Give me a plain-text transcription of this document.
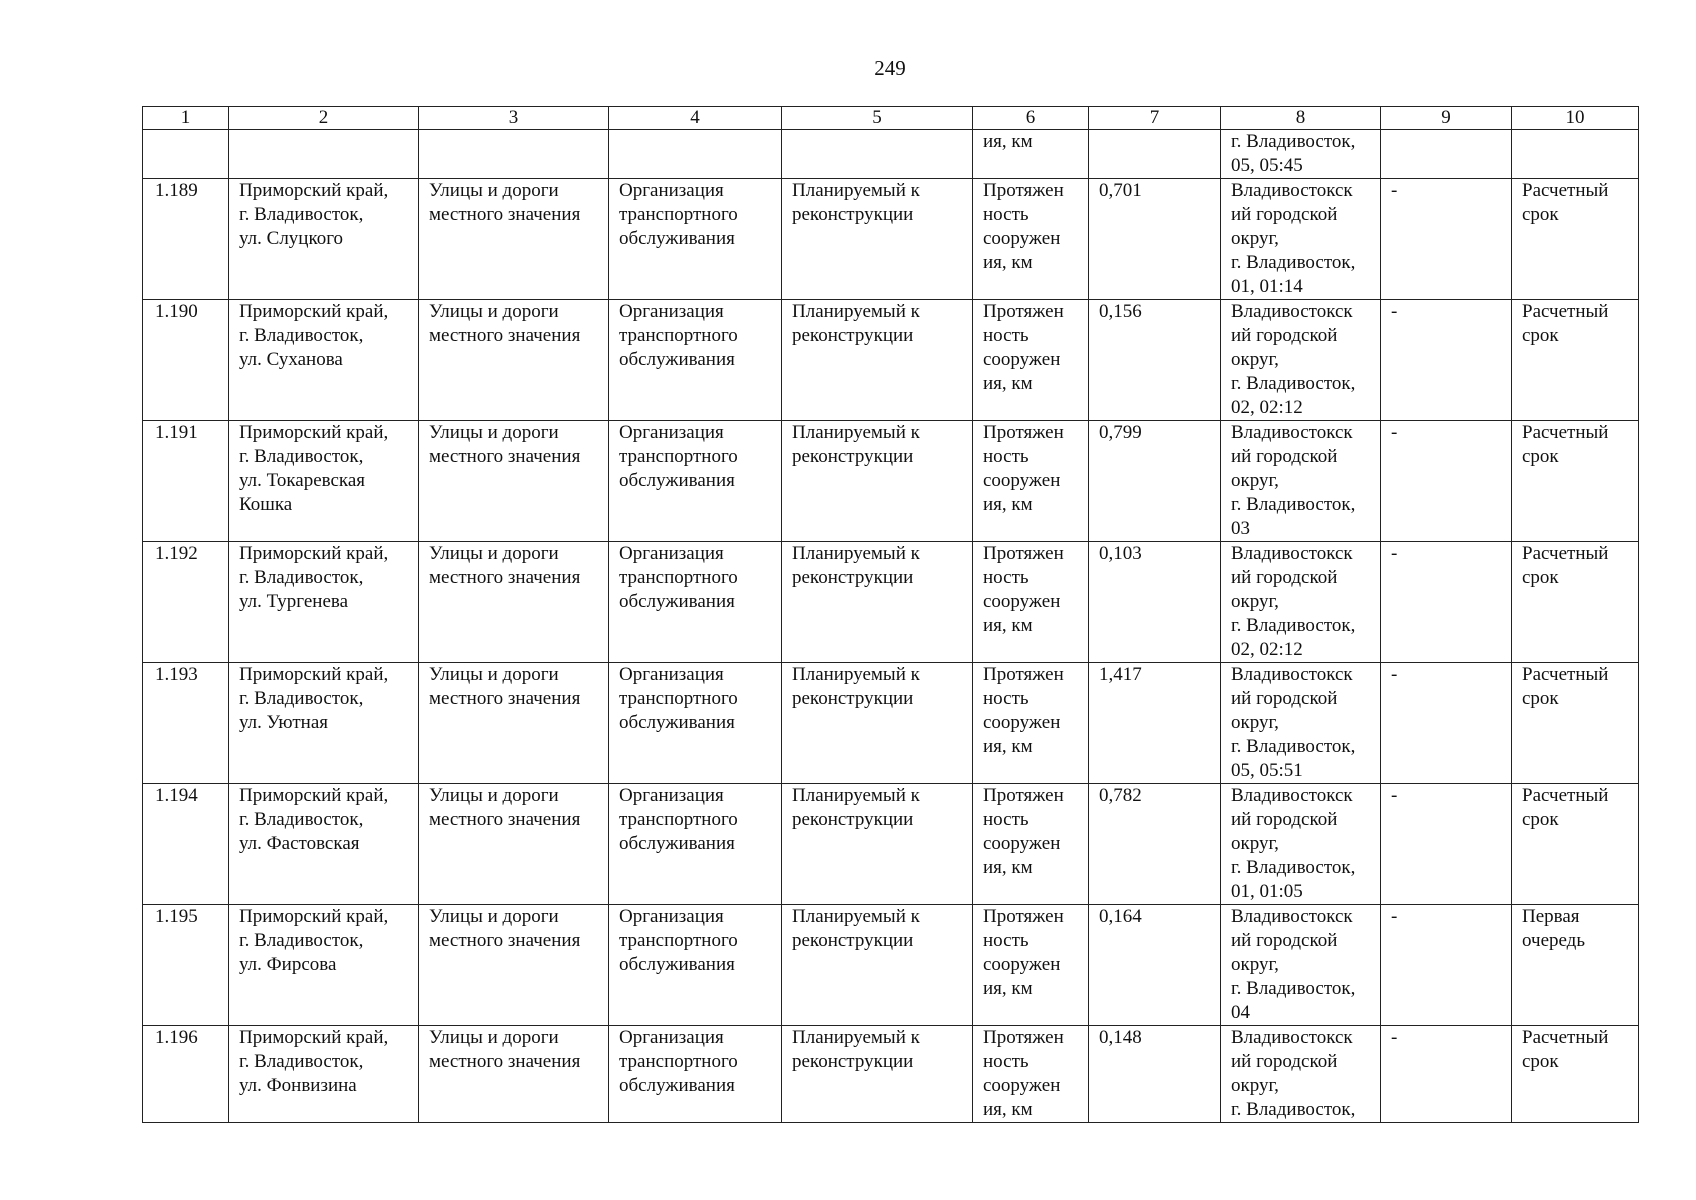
249
1	2	3	4	5	6	7	8	9	10
					ия, км		г. Владивосток,
05, 05:45		
1.189	Приморский край,
г. Владивосток,
ул. Слуцкого	Улицы и дороги
местного значения	Организация
транспортного
обслуживания	Планируемый к
реконструкции	Протяжен
ность
сооружен
ия, км	0,701	Владивостокск
ий городской
округ,
г. Владивосток,
01, 01:14	-	Расчетный
срок
1.190	Приморский край,
г. Владивосток,
ул. Суханова	Улицы и дороги
местного значения	Организация
транспортного
обслуживания	Планируемый к
реконструкции	Протяжен
ность
сооружен
ия, км	0,156	Владивостокск
ий городской
округ,
г. Владивосток,
02, 02:12	-	Расчетный
срок
1.191	Приморский край,
г. Владивосток,
ул. Токаревская
Кошка	Улицы и дороги
местного значения	Организация
транспортного
обслуживания	Планируемый к
реконструкции	Протяжен
ность
сооружен
ия, км	0,799	Владивостокск
ий городской
округ,
г. Владивосток,
03	-	Расчетный
срок
1.192	Приморский край,
г. Владивосток,
ул. Тургенева	Улицы и дороги
местного значения	Организация
транспортного
обслуживания	Планируемый к
реконструкции	Протяжен
ность
сооружен
ия, км	0,103	Владивостокск
ий городской
округ,
г. Владивосток,
02, 02:12	-	Расчетный
срок
1.193	Приморский край,
г. Владивосток,
ул. Уютная	Улицы и дороги
местного значения	Организация
транспортного
обслуживания	Планируемый к
реконструкции	Протяжен
ность
сооружен
ия, км	1,417	Владивостокск
ий городской
округ,
г. Владивосток,
05, 05:51	-	Расчетный
срок
1.194	Приморский край,
г. Владивосток,
ул. Фастовская	Улицы и дороги
местного значения	Организация
транспортного
обслуживания	Планируемый к
реконструкции	Протяжен
ность
сооружен
ия, км	0,782	Владивостокск
ий городской
округ,
г. Владивосток,
01, 01:05	-	Расчетный
срок
1.195	Приморский край,
г. Владивосток,
ул. Фирсова	Улицы и дороги
местного значения	Организация
транспортного
обслуживания	Планируемый к
реконструкции	Протяжен
ность
сооружен
ия, км	0,164	Владивостокск
ий городской
округ,
г. Владивосток,
04	-	Первая
очередь
1.196	Приморский край,
г. Владивосток,
ул. Фонвизина	Улицы и дороги
местного значения	Организация
транспортного
обслуживания	Планируемый к
реконструкции	Протяжен
ность
сооружен
ия, км	0,148	Владивостокск
ий городской
округ,
г. Владивосток,	-	Расчетный
срок
